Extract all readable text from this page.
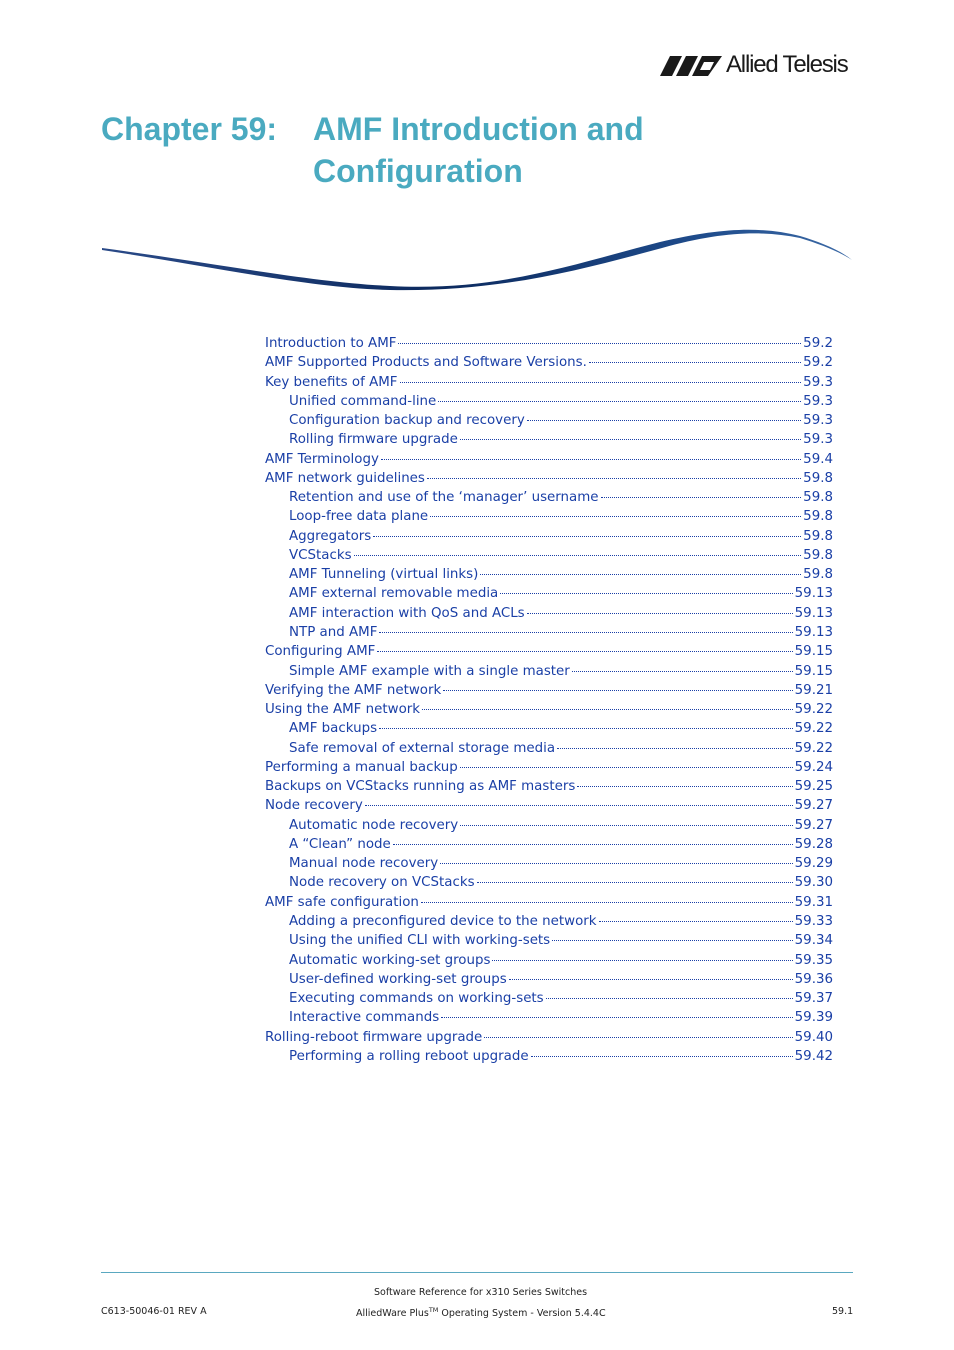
Allied Telesis
Chapter 59: AMF Introduction and Configuration
Introduction to AMF	59.2
AMF Supported Products and Software Versions.	59.2
Key benefits of AMF	59.3
Unified command-line	59.3
Configuration backup and recovery	59.3
Rolling firmware upgrade	59.3
AMF Terminology	59.4
AMF network guidelines	59.8
Retention and use of the ‘manager’ username	59.8
Loop-free data plane	59.8
Aggregators	59.8
VCStacks	59.8
AMF Tunneling (virtual links)	59.8
AMF external removable media	59.13
AMF interaction with QoS and ACLs	59.13
NTP and AMF	59.13
Configuring AMF	59.15
Simple AMF example with a single master	59.15
Verifying the AMF network	59.21
Using the AMF network	59.22
AMF backups	59.22
Safe removal of external storage media	59.22
Performing a manual backup	59.24
Backups on VCStacks running as AMF masters	59.25
Node recovery	59.27
Automatic node recovery	59.27
A “Clean” node	59.28
Manual node recovery	59.29
Node recovery on VCStacks	59.30
AMF safe configuration	59.31
Adding a preconfigured device to the network	59.33
Using the unified CLI with working-sets	59.34
Automatic working-set groups	59.35
User-defined working-set groups	59.36
Executing commands on working-sets	59.37
Interactive commands	59.39
Rolling-reboot firmware upgrade	59.40
Performing a rolling reboot upgrade	59.42
Software Reference for x310 Series Switches
C613-50046-01 REV A	AlliedWare Plus™ Operating System - Version 5.4.4C	59.1
